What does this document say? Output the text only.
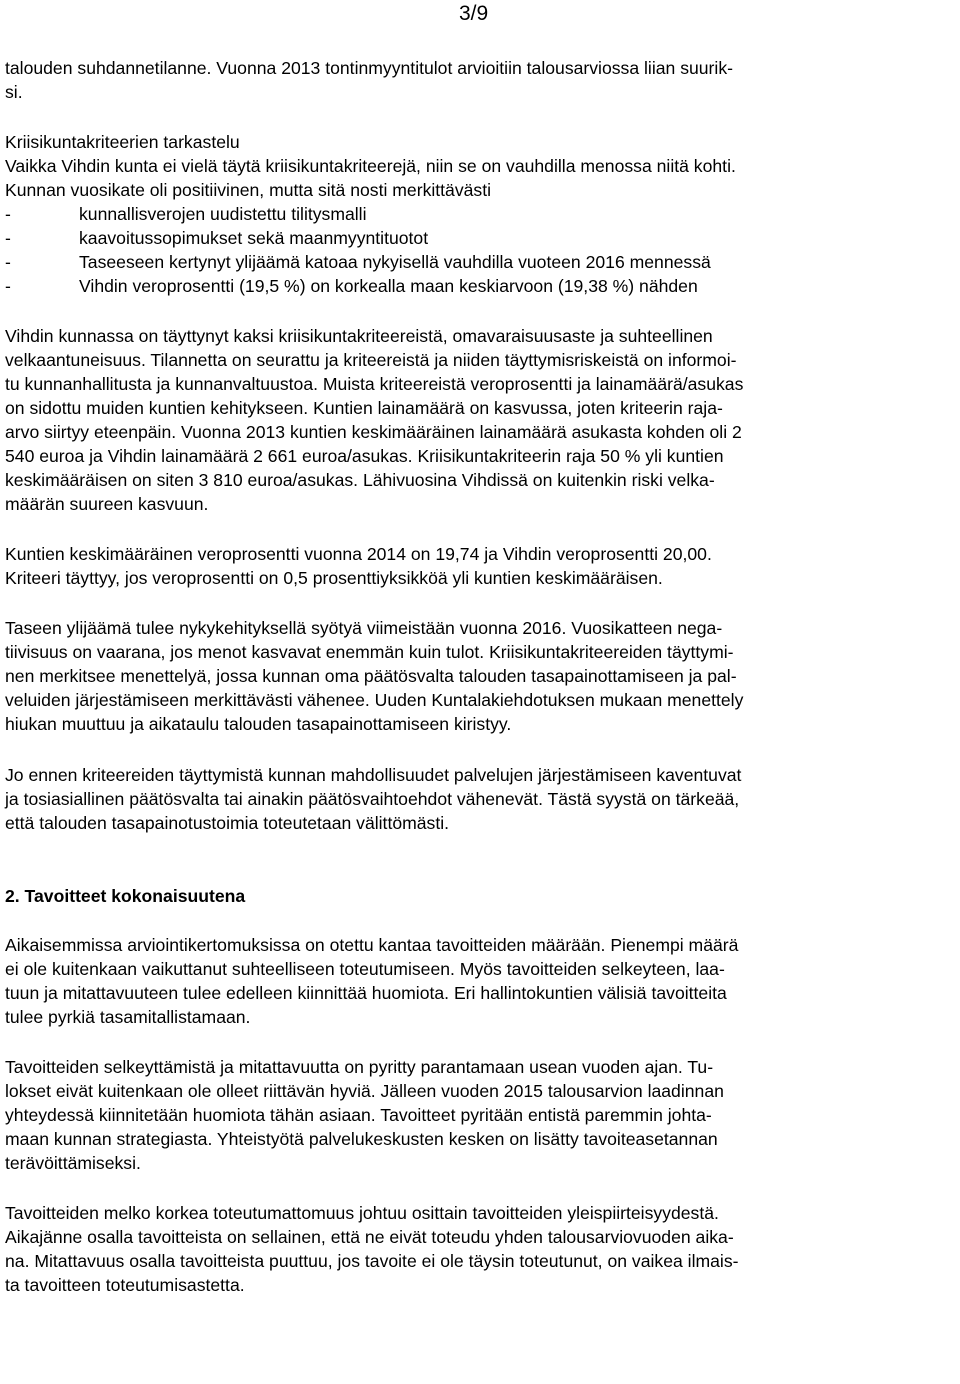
3/9
talouden suhdannetilanne. Vuonna 2013 tontinmyyntitulot arvioitiin talousarviossa liian suurik-
si.
Kriisikuntakriteerien tarkastelu
Vaikka Vihdin kunta ei vielä täytä kriisikuntakriteerejä, niin se on vauhdilla menossa niitä kohti.
Kunnan vuosikate oli positiivinen, mutta sitä nosti merkittävästi
-	kunnallisverojen uudistettu tilitysmalli
-	kaavoitussopimukset sekä maanmyyntituotot
-	Taseeseen kertynyt ylijäämä katoaa nykyisellä vauhdilla vuoteen 2016 mennessä
-	Vihdin veroprosentti (19,5 %) on korkealla maan keskiarvoon (19,38 %) nähden
Vihdin kunnassa on täyttynyt kaksi kriisikuntakriteereistä, omavaraisuusaste ja suhteellinen
velkaantuneisuus. Tilannetta on seurattu ja kriteereistä ja niiden täyttymisriskeistä on informoi-
tu kunnanhallitusta ja kunnanvaltuustoa. Muista kriteereistä veroprosentti ja lainamäärä/asukas
on sidottu muiden kuntien kehitykseen. Kuntien lainamäärä on kasvussa, joten kriteerin raja-
arvo siirtyy eteenpäin. Vuonna 2013 kuntien keskimääräinen lainamäärä asukasta kohden oli 2
540 euroa ja Vihdin lainamäärä 2 661 euroa/asukas. Kriisikuntakriteerin raja 50 % yli kuntien
keskimääräisen on siten 3 810 euroa/asukas. Lähivuosina Vihdissä on kuitenkin riski velka-
määrän suureen kasvuun.
Kuntien keskimääräinen veroprosentti vuonna 2014 on 19,74 ja Vihdin veroprosentti 20,00.
Kriteeri täyttyy, jos veroprosentti on 0,5 prosenttiyksikköä yli kuntien keskimääräisen.
Taseen ylijäämä tulee nykykehityksellä syötyä viimeistään vuonna 2016. Vuosikatteen nega-
tiivisuus on vaarana, jos menot kasvavat enemmän kuin tulot. Kriisikuntakriteereiden täyttymi-
nen merkitsee menettelyä, jossa kunnan oma päätösvalta talouden tasapainottamiseen ja pal-
veluiden järjestämiseen merkittävästi vähenee. Uuden Kuntalakiehdotuksen mukaan menettely
hiukan muuttuu ja aikataulu talouden tasapainottamiseen kiristyy.
Jo ennen kriteereiden täyttymistä kunnan mahdollisuudet palvelujen järjestämiseen kaventuvat
ja tosiasiallinen päätösvalta tai ainakin päätösvaihtoehdot vähenevät. Tästä syystä on tärkeää,
että talouden tasapainotustoimia toteutetaan välittömästi.
2. Tavoitteet kokonaisuutena
Aikaisemmissa arviointikertomuksissa on otettu kantaa tavoitteiden määrään. Pienempi määrä
ei ole kuitenkaan vaikuttanut suhteelliseen toteutumiseen. Myös tavoitteiden selkeyteen, laa-
tuun ja mitattavuuteen tulee edelleen kiinnittää huomiota. Eri hallintokuntien välisiä tavoitteita
tulee pyrkiä tasamitallistamaan.
Tavoitteiden selkeyttämistä ja mitattavuutta on pyritty parantamaan usean vuoden ajan. Tu-
lokset eivät kuitenkaan ole olleet riittävän hyviä. Jälleen vuoden 2015 talousarvion laadinnan
yhteydessä kiinnitetään huomiota tähän asiaan. Tavoitteet pyritään entistä paremmin johta-
maan kunnan strategiasta. Yhteistyötä palvelukeskusten kesken on lisätty tavoiteasetannan
terävöittämiseksi.
Tavoitteiden melko korkea toteutumattomuus johtuu osittain tavoitteiden yleispiirteisyydestä.
Aikajänne osalla tavoitteista on sellainen, että ne eivät toteudu yhden talousarviovuoden aika-
na. Mitattavuus osalla tavoitteista puuttuu, jos tavoite ei ole täysin toteutunut, on vaikea ilmais-
ta tavoitteen toteutumisastetta.
